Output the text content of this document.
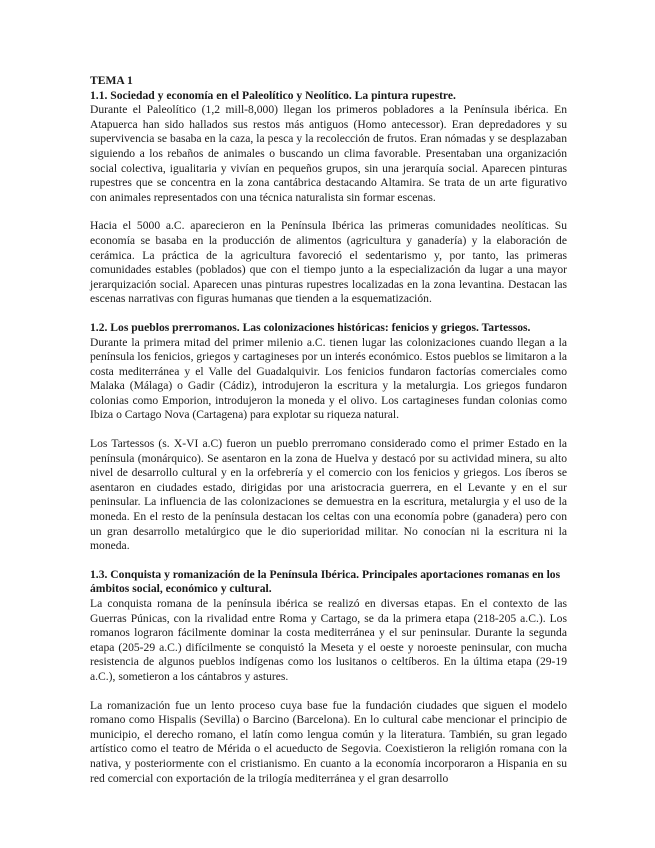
TEMA 1
1.1. Sociedad y economía en el Paleolítico y Neolítico. La pintura rupestre.

Durante el Paleolítico (1,2 mill-8,000) llegan los primeros pobladores a la Península ibérica. En Atapuerca han sido hallados sus restos más antiguos (Homo antecessor). Eran depredadores y su supervivencia se basaba en la caza, la pesca y la recolección de frutos. Eran nómadas y se desplazaban siguiendo a los rebaños de animales o buscando un clima favorable. Presentaban una organización social colectiva, igualitaria y vivían en pequeños grupos, sin una jerarquía social. Aparecen pinturas rupestres que se concentra en la zona cantábrica destacando Altamira. Se trata de un arte figurativo con animales representados con una técnica naturalista sin formar escenas.

Hacia el 5000 a.C. aparecieron en la Península Ibérica las primeras comunidades neolíticas. Su economía se basaba en la producción de alimentos (agricultura y ganadería) y la elaboración de cerámica. La práctica de la agricultura favoreció el sedentarismo y, por tanto, las primeras comunidades estables (poblados) que con el tiempo junto a la especialización da lugar a una mayor jerarquización social. Aparecen unas pinturas rupestres localizadas en la zona levantina. Destacan las escenas narrativas con figuras humanas que tienden a la esquematización.

1.2. Los pueblos prerromanos. Las colonizaciones históricas: fenicios y griegos. Tartessos.

Durante la primera mitad del primer milenio a.C. tienen lugar las colonizaciones cuando llegan a la península los fenicios, griegos y cartagineses por un interés económico. Estos pueblos se limitaron a la costa mediterránea y el Valle del Guadalquivir. Los fenicios fundaron factorías comerciales como Malaka (Málaga) o Gadir (Cádiz), introdujeron la escritura y la metalurgia. Los griegos fundaron colonias como Emporion, introdujeron la moneda y el olivo. Los cartagineses fundan colonias como Ibiza o Cartago Nova (Cartagena) para explotar su riqueza natural.

Los Tartessos (s. X-VI a.C) fueron un pueblo prerromano considerado como el primer Estado en la península (monárquico). Se asentaron en la zona de Huelva y destacó por su actividad minera, su alto nivel de desarrollo cultural y en la orfebrería y el comercio con los fenicios y griegos. Los íberos se asentaron en ciudades estado, dirigidas por una aristocracia guerrera, en el Levante y en el sur peninsular. La influencia de las colonizaciones se demuestra en la escritura, metalurgia y el uso de la moneda. En el resto de la península destacan los celtas con una economía pobre (ganadera) pero con un gran desarrollo metalúrgico que le dio superioridad militar. No conocían ni la escritura ni la moneda.

1.3. Conquista y romanización de la Península Ibérica. Principales aportaciones romanas en los ámbitos social, económico y cultural.

La conquista romana de la península ibérica se realizó en diversas etapas. En el contexto de las Guerras Púnicas, con la rivalidad entre Roma y Cartago, se da la primera etapa (218-205 a.C.). Los romanos lograron fácilmente dominar la costa mediterránea y el sur peninsular. Durante la segunda etapa (205-29 a.C.) difícilmente se conquistó la Meseta y el oeste y noroeste peninsular, con mucha resistencia de algunos pueblos indígenas como los lusitanos o celtíberos. En la última etapa (29-19 a.C.), sometieron a los cántabros y astures.

La romanización fue un lento proceso cuya base fue la fundación ciudades que siguen el modelo romano como Hispalis (Sevilla) o Barcino (Barcelona). En lo cultural cabe mencionar el principio de municipio, el derecho romano, el latín como lengua común y la literatura. También, su gran legado artístico como el teatro de Mérida o el acueducto de Segovia. Coexistieron la religión romana con la nativa, y posteriormente con el cristianismo. En cuanto a la economía incorporaron a Hispania en su red comercial con exportación de la trilogía mediterránea y el gran desarrollo
